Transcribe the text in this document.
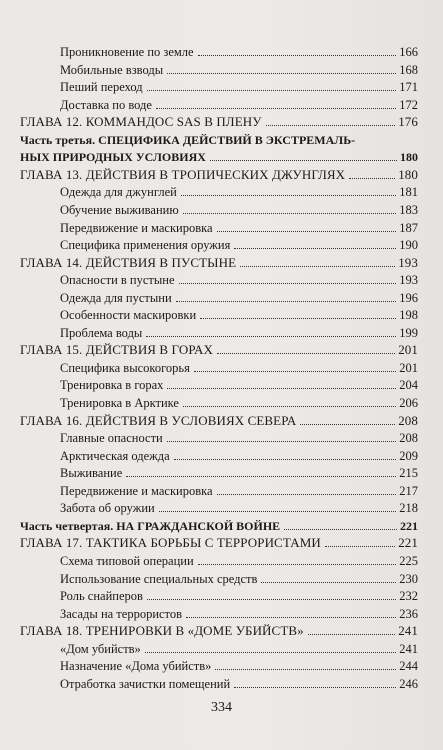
Проникновение по земле	166
Мобильные взводы	168
Пеший переход	171
Доставка по воде	172
ГЛАВА 12. КОММАНДОС SAS В ПЛЕНУ	176
Часть третья. СПЕЦИФИКА ДЕЙСТВИЙ В ЭКСТРЕМАЛЬ-
НЫХ ПРИРОДНЫХ УСЛОВИЯХ	180
ГЛАВА 13. ДЕЙСТВИЯ В ТРОПИЧЕСКИХ ДЖУНГЛЯХ	180
Одежда для джунглей	181
Обучение выживанию	183
Передвижение и маскировка	187
Специфика применения оружия	190
ГЛАВА 14. ДЕЙСТВИЯ В ПУСТЫНЕ	193
Опасности в пустыне	193
Одежда для пустыни	196
Особенности маскировки	198
Проблема воды	199
ГЛАВА 15. ДЕЙСТВИЯ В ГОРАХ	201
Специфика высокогорья	201
Тренировка в горах	204
Тренировка в Арктике	206
ГЛАВА 16. ДЕЙСТВИЯ В УСЛОВИЯХ СЕВЕРА	208
Главные опасности	208
Арктическая одежда	209
Выживание	215
Передвижение и маскировка	217
Забота об оружии	218
Часть четвертая. НА ГРАЖДАНСКОЙ ВОЙНЕ	221
ГЛАВА 17. ТАКТИКА БОРЬБЫ С ТЕРРОРИСТАМИ	221
Схема типовой операции	225
Использование специальных средств	230
Роль снайперов	232
Засады на террористов	236
ГЛАВА 18. ТРЕНИРОВКИ В «ДОМЕ УБИЙСТВ»	241
«Дом убийств»	241
Назначение «Дома убийств»	244
Отработка зачистки помещений	246
334
